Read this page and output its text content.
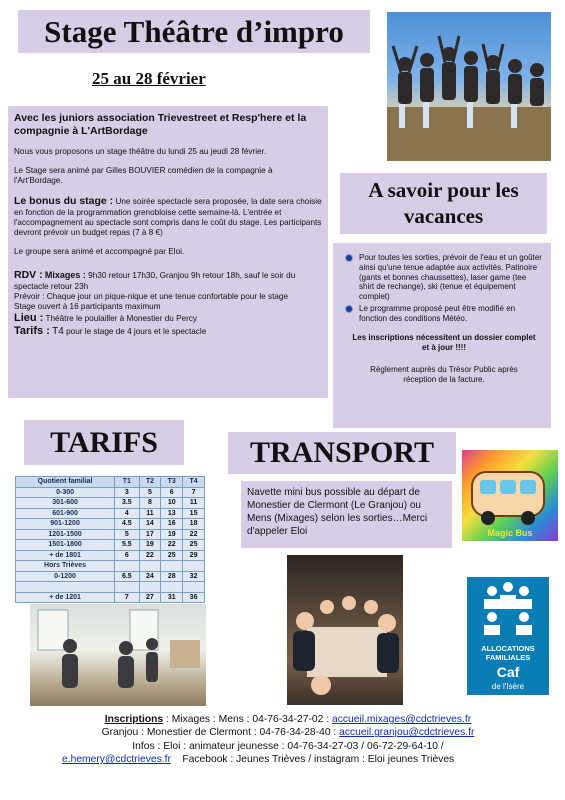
Stage Théâtre d’impro
25 au 28 février

Avec les juniors association Trievestreet et Resp'here et la compagnie à L'ArtBordage

Nous vous proposons un stage théâtre du lundi 25 au jeudi 28 février.

Le Stage sera animé par Gilles BOUVIER comédien de la compagnie à l'Art'Bordage.

Le bonus du stage : Une soirée spectacle sera proposée, la date sera choisie en fonction de la programmation grenobloise cette semaine-là. L'entrée et l'accompagnement au spectacle sont compris dans le coût du stage. Les participants devront prévoir un budget repas (7 à 8 €)

Le groupe sera animé et accompagné par Eloi.

RDV : Mixages : 9h30 retour 17h30, Granjou 9h retour 18h, sauf le soir du spectacle retour 23h

Prévoir : Chaque jour un pique-nique et une tenue confortable pour le stage

Stage ouvert à 16 participants maximum

Lieu : Théâtre le poulailler à Monestier du Percy

Tarifs : T4 pour le stage de 4 jours et le spectacle

A savoir pour les vacances
Pour toutes les sorties, prévoir de l'eau et un goûter ainsi qu'une tenue adaptée aux activités. Patinoire (gants et bonnes chaussettes), laser game (tee shirt de rechange), ski (tenue et équipement complet)
Le programme proposé peut être modifié en fonction des conditions Météo.

Les inscriptions nécessitent un dossier complet et à jour !!!!

Règlement auprès du Trésor Public après réception de la facture.

TARIFS
Quotient familial	T1	T2	T3	T4
0-300	3	5	6	7
301-600	3.5	8	10	11
601-900	4	11	13	15
901-1200	4.5	14	16	18
1201-1500	5	17	19	22
1501-1800	5.5	19	22	25
+ de 1801	6	22	25	29
Hors Trièves				
0-1200	6.5	24	28	32

+ de 1201	7	27	31	36
TRANSPORT
Navette mini bus possible au départ de Monestier de Clermont (Le Granjou) ou Mens (Mixages) selon les sorties…Merci d'appeler Eloi	Magic Bus
ALLOCATIONS
FAMILIALES
Caf
de l'Isère
Inscriptions : Mixages : Mens : 04-76-34-27-02 : accueil.mixages@cdctrieves.fr
Granjou : Monestier de Clermont : 04-76-34-28-40 : accueil.granjou@cdctrieves.fr
Infos : Eloi : animateur jeunesse : 04-76-34-27-03 / 06-72-29-64-10 /
e.hemery@cdctrieves.fr Facebook : Jeunes Trièves / instagram : Eloi jeunes Trièves
